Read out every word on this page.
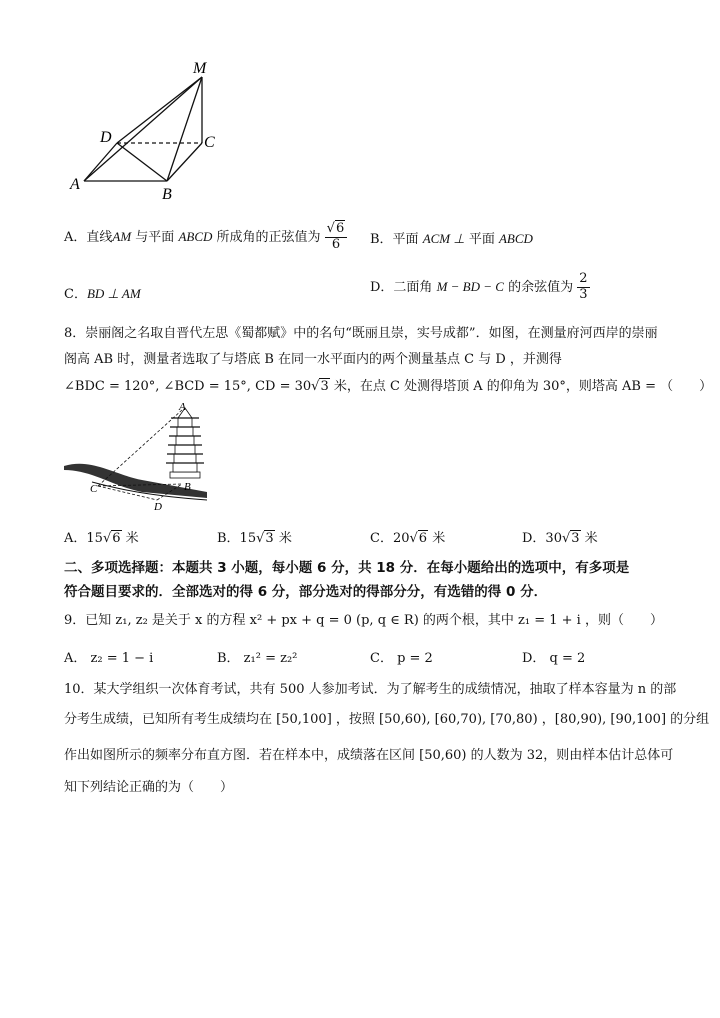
M
D	C
A
B
A．直线AM 与平面 ABCD 所成角的正弦值为 $\frac{√6}{6}$ B．平面 ACM ⊥ 平面 ABCD
C．BD ⊥ AM	D．二面角 M − BD − C 的余弦值为 $\frac{2}{3}$
8．崇丽阁之名取自晋代左思《蜀都赋》中的名句“既丽且崇，实号成都”．如图，在测量府河西岸的崇丽
阁高 AB 时，测量者选取了与塔底 B 在同一水平面内的两个测量基点 C 与 D ，并测得
∠BDC = 120°, ∠BCD = 15°, CD = 30√3 米，在点 C 处测得塔顶 A 的仰角为 30°，则塔高 AB = （　　）
A
B
C
D
A．15√6 米	B．15√3 米	C．20√6 米	D．30√3 米
二、多项选择题：本题共 3 小题，每小题 6 分，共 18 分．在每小题给出的选项中，有多项是
符合题目要求的．全部选对的得 6 分，部分选对的得部分分，有选错的得 0 分．
9．已知 z₁, z₂ 是关于 x 的方程 x² + px + q = 0 (p, q ∈ R) 的两个根，其中 z₁ = 1 + i ，则（　　）
A． z₂ = 1 − i	B． z₁² = z₂²	C． p = 2	D． q = 2
10．某大学组织一次体育考试，共有 500 人参加考试．为了解考生的成绩情况，抽取了样本容量为 n 的部
分考生成绩，已知所有考生成绩均在 [50,100] ，按照 [50,60), [60,70), [70,80) ，[80,90), [90,100] 的分组
作出如图所示的频率分布直方图．若在样本中，成绩落在区间 [50,60) 的人数为 32，则由样本估计总体可
知下列结论正确的为（　　）
